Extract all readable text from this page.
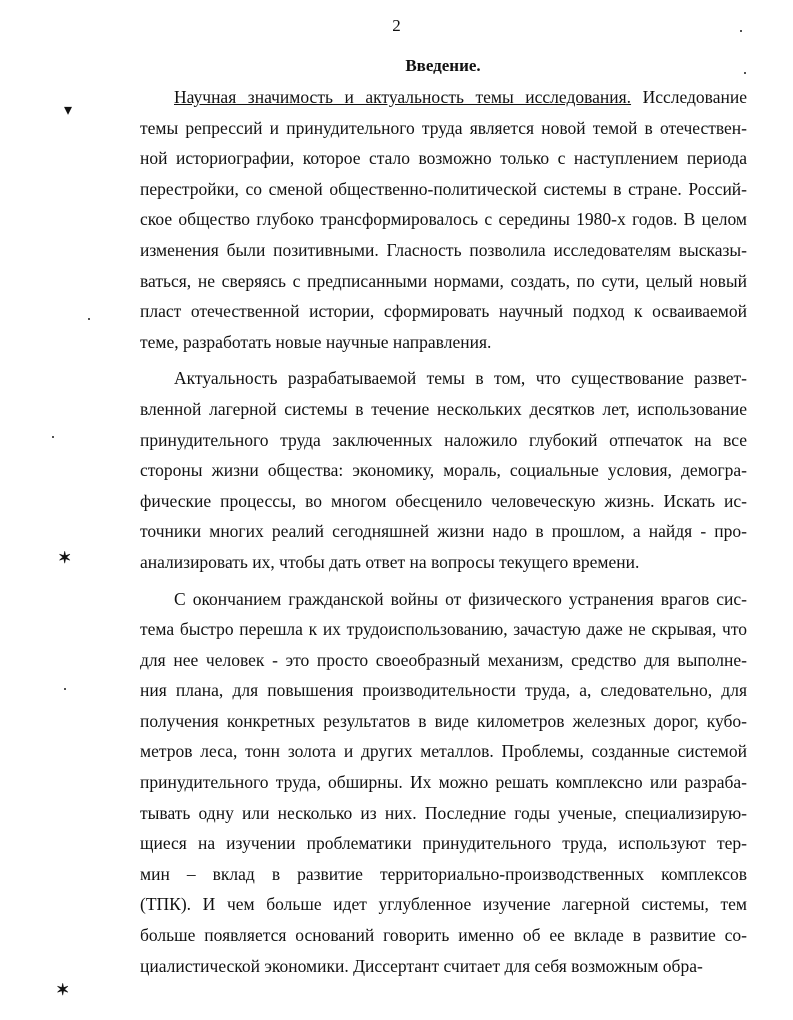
2
Введение.
Научная значимость и актуальность темы исследования. Исследование
темы репрессий и принудительного труда является новой темой в отечествен-
ной историографии, которое стало возможно только с наступлением периода
перестройки, со сменой общественно-политической системы в стране. Россий-
ское общество глубоко трансформировалось с середины 1980-х годов. В целом
изменения были позитивными. Гласность позволила исследователям высказы-
ваться, не сверяясь с предписанными нормами, создать, по сути, целый новый
пласт отечественной истории, сформировать научный подход к осваиваемой
теме, разработать новые научные направления.
Актуальность разрабатываемой темы в том, что существование развет-
вленной лагерной системы в течение нескольких десятков лет, использование
принудительного труда заключенных наложило глубокий отпечаток на все
стороны жизни общества: экономику, мораль, социальные условия, демогра-
фические процессы, во многом обесценило человеческую жизнь. Искать ис-
точники многих реалий сегодняшней жизни надо в прошлом, а найдя - про-
анализировать их, чтобы дать ответ на вопросы текущего времени.
С окончанием гражданской войны от физического устранения врагов сис-
тема быстро перешла к их трудоиспользованию, зачастую даже не скрывая, что
для нее человек - это просто своеобразный механизм, средство для выполне-
ния плана, для повышения производительности труда, а, следовательно, для
получения конкретных результатов в виде километров железных дорог, кубо-
метров леса, тонн золота и других металлов. Проблемы, созданные системой
принудительного труда, обширны. Их можно решать комплексно или разраба-
тывать одну или несколько из них. Последние годы ученые, специализирую-
щиеся на изучении проблематики принудительного труда, используют тер-
мин – вклад в развитие территориально-производственных комплексов
(ТПК). И чем больше идет углубленное изучение лагерной системы, тем
больше появляется оснований говорить именно об ее вкладе в развитие со-
циалистической экономики. Диссертант считает для себя возможным обра-
▾
✶
✶
